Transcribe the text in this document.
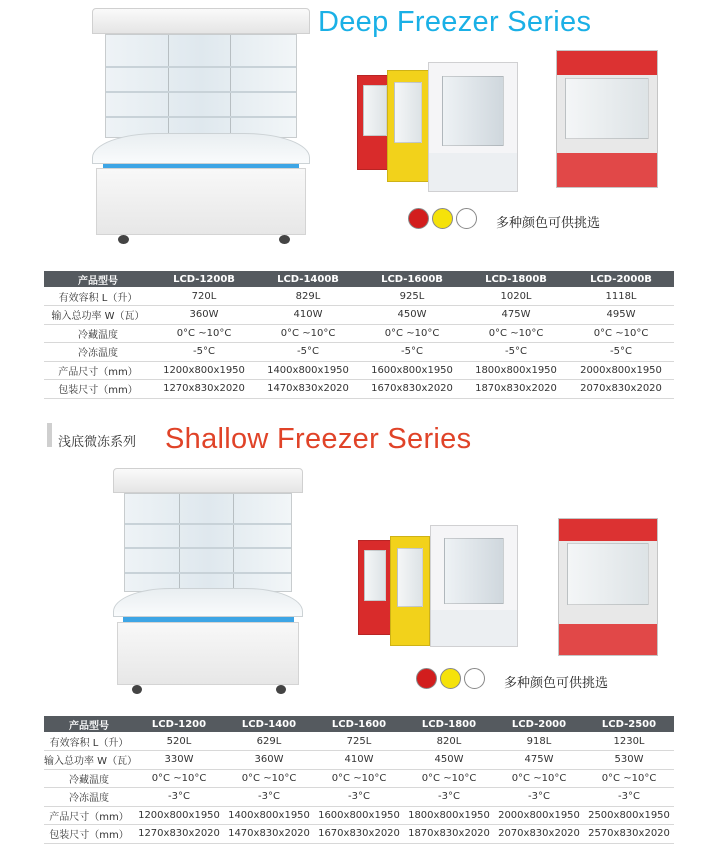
Deep Freezer Series
多种颜色可供挑选
产品型号	LCD-1200B	LCD-1400B	LCD-1600B	LCD-1800B	LCD-2000B
有效容积 L（升）	720L	829L	925L	1020L	1118L
输入总功率 W（瓦）	360W	410W	450W	475W	495W
冷藏温度	0°C ~10°C	0°C ~10°C	0°C ~10°C	0°C ~10°C	0°C ~10°C
冷冻温度	-5°C	-5°C	-5°C	-5°C	-5°C
产品尺寸（mm）	1200x800x1950	1400x800x1950	1600x800x1950	1800x800x1950	2000x800x1950
包装尺寸（mm）	1270x830x2020	1470x830x2020	1670x830x2020	1870x830x2020	2070x830x2020
浅底微冻系列 Shallow Freezer Series
多种颜色可供挑选
产品型号	LCD-1200	LCD-1400	LCD-1600	LCD-1800	LCD-2000	LCD-2500
有效容积 L（升）	520L	629L	725L	820L	918L	1230L
输入总功率 W（瓦）	330W	360W	410W	450W	475W	530W
冷藏温度	0°C ~10°C	0°C ~10°C	0°C ~10°C	0°C ~10°C	0°C ~10°C	0°C ~10°C
冷冻温度	-3°C	-3°C	-3°C	-3°C	-3°C	-3°C
产品尺寸（mm）	1200x800x1950	1400x800x1950	1600x800x1950	1800x800x1950	2000x800x1950	2500x800x1950
包装尺寸（mm）	1270x830x2020	1470x830x2020	1670x830x2020	1870x830x2020	2070x830x2020	2570x830x2020
